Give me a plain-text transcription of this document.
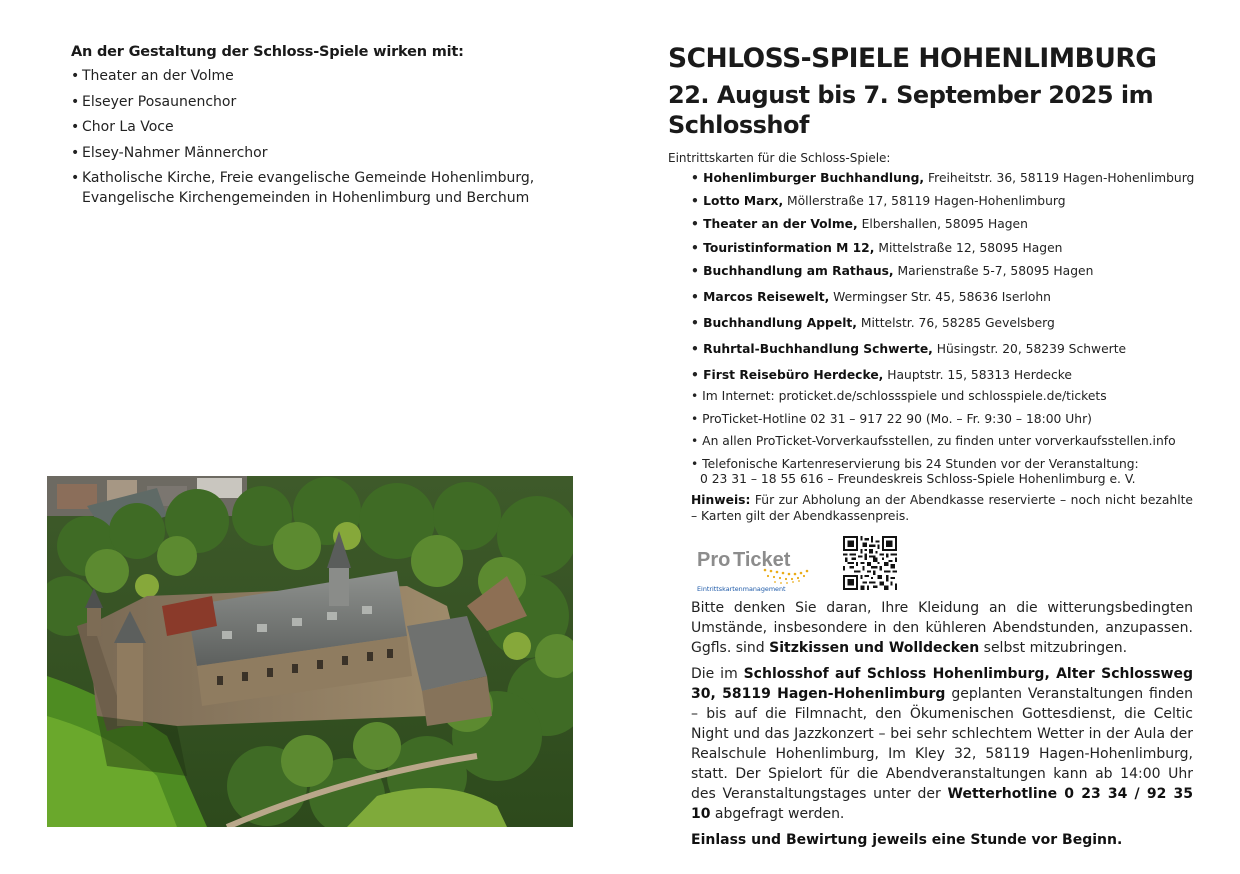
An der Gestaltung der Schloss-Spiele wirken mit:
• Theater an der Volme
• Elseyer Posaunenchor
• Chor La Voce
• Elsey-Nahmer Männerchor
• Katholische Kirche, Freie evangelische Gemeinde Hohenlimburg, Evangelische Kirchengemeinden in Hohenlimburg und Berchum
SCHLOSS-SPIELE HOHENLIMBURG
22. August bis 7. September 2025 im Schlosshof
Eintrittskarten für die Schloss-Spiele:
• Hohenlimburger Buchhandlung, Freiheitstr. 36, 58119 Hagen-Hohenlimburg
• Lotto Marx, Möllerstraße 17, 58119 Hagen-Hohenlimburg
• Theater an der Volme, Elbershallen, 58095 Hagen
• Touristinformation M 12, Mittelstraße 12, 58095 Hagen
• Buchhandlung am Rathaus, Marienstraße 5-7, 58095 Hagen
• Marcos Reisewelt, Wermingser Str. 45, 58636 Iserlohn
• Buchhandlung Appelt, Mittelstr. 76, 58285 Gevelsberg
• Ruhrtal-Buchhandlung Schwerte, Hüsingstr. 20, 58239 Schwerte
• First Reisebüro Herdecke, Hauptstr. 15, 58313 Herdecke
• Im Internet: proticket.de/schlossspiele und schlosspiele.de/tickets
• ProTicket-Hotline 02 31 – 917 22 90 (Mo. – Fr. 9:30 – 18:00 Uhr)
• An allen ProTicket-Vorverkaufsstellen, zu finden unter vorverkaufsstellen.info
• Telefonische Kartenreservierung bis 24 Stunden vor der Veranstaltung:
0 23 31 – 18 55 616 – Freundeskreis Schloss-Spiele Hohenlimburg e. V.
Hinweis: Für zur Abholung an der Abendkasse reservierte – noch nicht bezahlte – Karten gilt der Abendkassenpreis.
Pro Ticket
Eintrittskartenmanagement

Bitte denken Sie daran, Ihre Kleidung an die witterungsbedingten Umstände, insbesondere in den kühleren Abendstunden, anzupassen. Ggfls. sind Sitzkissen und Wolldecken selbst mitzubringen.

Die im Schlosshof auf Schloss Hohenlimburg, Alter Schlossweg 30, 58119 Hagen-Hohenlimburg geplanten Veranstaltungen finden – bis auf die Filmnacht, den Ökumenischen Gottesdienst, die Celtic Night und das Jazzkonzert – bei sehr schlechtem Wetter in der Aula der Realschule Hohenlimburg, Im Kley 32, 58119 Hagen-Hohenlimburg, statt. Der Spielort für die Abendveranstaltungen kann ab 14:00 Uhr des Veranstaltungstages unter der Wetterhotline 0 23 34 / 92 35 10 abgefragt werden.

Einlass und Bewirtung jeweils eine Stunde vor Beginn.
